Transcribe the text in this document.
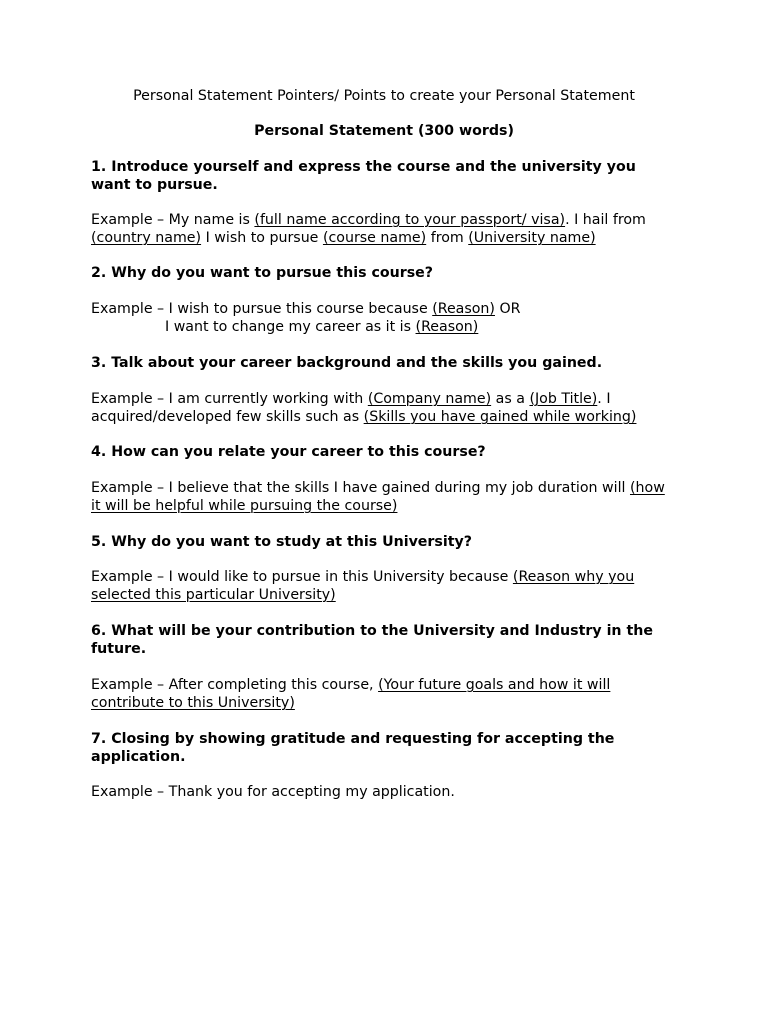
Personal Statement Pointers/ Points to create your Personal Statement

Personal Statement (300 words)

1. Introduce yourself and express the course and the university you
want to pursue.
Example – My name is (full name according to your passport/ visa). I hail from
(country name) I wish to pursue (course name) from (University name)
2. Why do you want to pursue this course?
Example – I wish to pursue this course because (Reason) OR
I want to change my career as it is (Reason)
3. Talk about your career background and the skills you gained.
Example – I am currently working with (Company name) as a (Job Title). I
acquired/developed few skills such as (Skills you have gained while working)
4. How can you relate your career to this course?
Example – I believe that the skills I have gained during my job duration will (how
it will be helpful while pursuing the course)
5. Why do you want to study at this University?
Example – I would like to pursue in this University because (Reason why you
selected this particular University)
6. What will be your contribution to the University and Industry in the
future.
Example – After completing this course, (Your future goals and how it will
contribute to this University)
7. Closing by showing gratitude and requesting for accepting the
application.
Example – Thank you for accepting my application.
